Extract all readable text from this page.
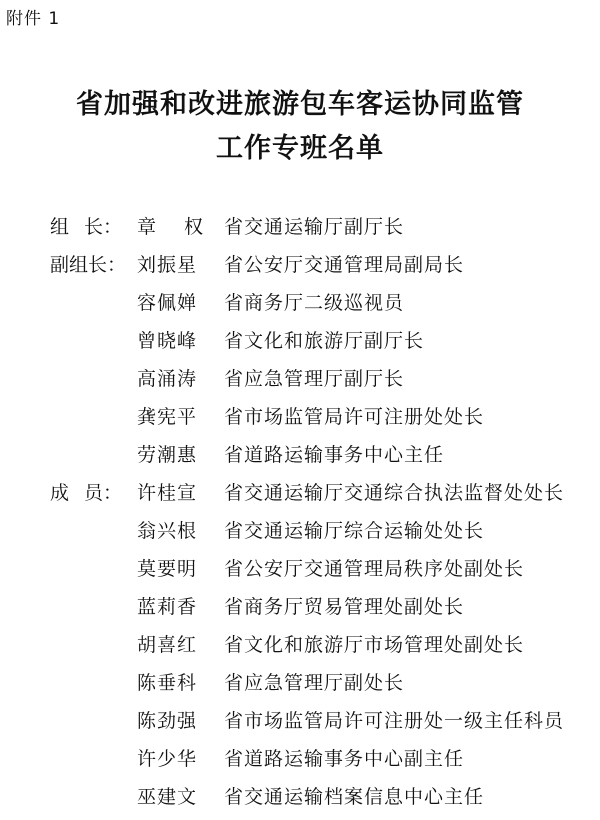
附件 1
省加强和改进旅游包车客运协同监管
工作专班名单
组 长： 章 权 省交通运输厅副厅长
副组长： 刘振星 省公安厅交通管理局副局长
容佩婵 省商务厅二级巡视员
曾晓峰 省文化和旅游厅副厅长
高涌涛 省应急管理厅副厅长
龚宪平 省市场监管局许可注册处处长
劳潮惠 省道路运输事务中心主任
成 员： 许桂宣 省交通运输厅交通综合执法监督处处长
翁兴根 省交通运输厅综合运输处处长
莫要明 省公安厅交通管理局秩序处副处长
蓝莉香 省商务厅贸易管理处副处长
胡喜红 省文化和旅游厅市场管理处副处长
陈垂科 省应急管理厅副处长
陈劲强 省市场监管局许可注册处一级主任科员
许少华 省道路运输事务中心副主任
巫建文 省交通运输档案信息中心主任
